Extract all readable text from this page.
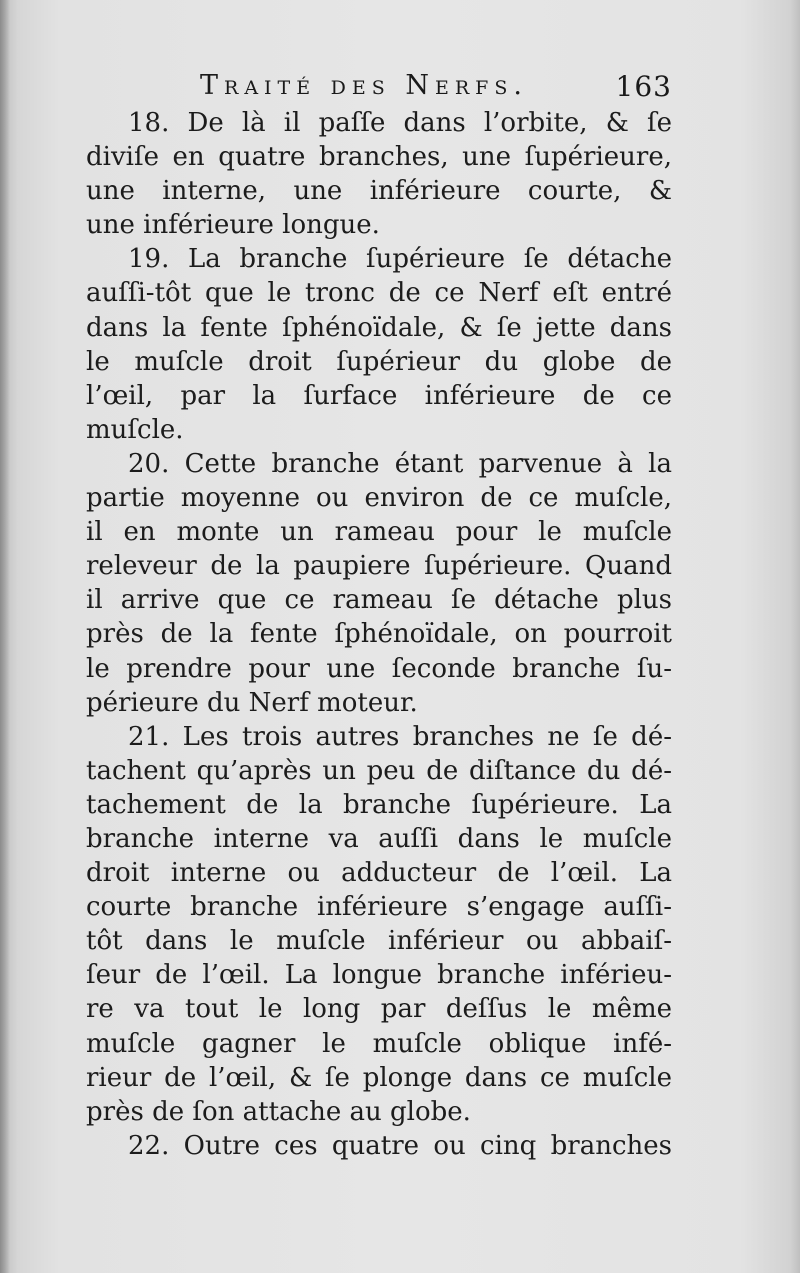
Traité des Nerfs.	163
18. De là il paſſe dans l’orbite, & ſe
diviſe en quatre branches, une ſupérieure,
une interne, une inférieure courte, &
une inférieure longue.
19. La branche ſupérieure ſe détache
auſſi-tôt que le tronc de ce Nerf eſt entré
dans la fente ſphénoïdale, & ſe jette dans
le muſcle droit ſupérieur du globe de
l’œil, par la ſurface inférieure de ce
muſcle.
20. Cette branche étant parvenue à la
partie moyenne ou environ de ce muſcle,
il en monte un rameau pour le muſcle
releveur de la paupiere ſupérieure. Quand
il arrive que ce rameau ſe détache plus
près de la fente ſphénoïdale, on pourroit
le prendre pour une ſeconde branche ſu-
périeure du Nerf moteur.
21. Les trois autres branches ne ſe dé-
tachent qu’après un peu de diſtance du dé-
tachement de la branche ſupérieure. La
branche interne va auſſi dans le muſcle
droit interne ou adducteur de l’œil. La
courte branche inférieure s’engage auſſi-
tôt dans le muſcle inférieur ou abbaiſ-
ſeur de l’œil. La longue branche inférieu-
re va tout le long par deſſus le même
muſcle gagner le muſcle oblique infé-
rieur de l’œil, & ſe plonge dans ce muſcle
près de ſon attache au globe.
22. Outre ces quatre ou cinq branches
